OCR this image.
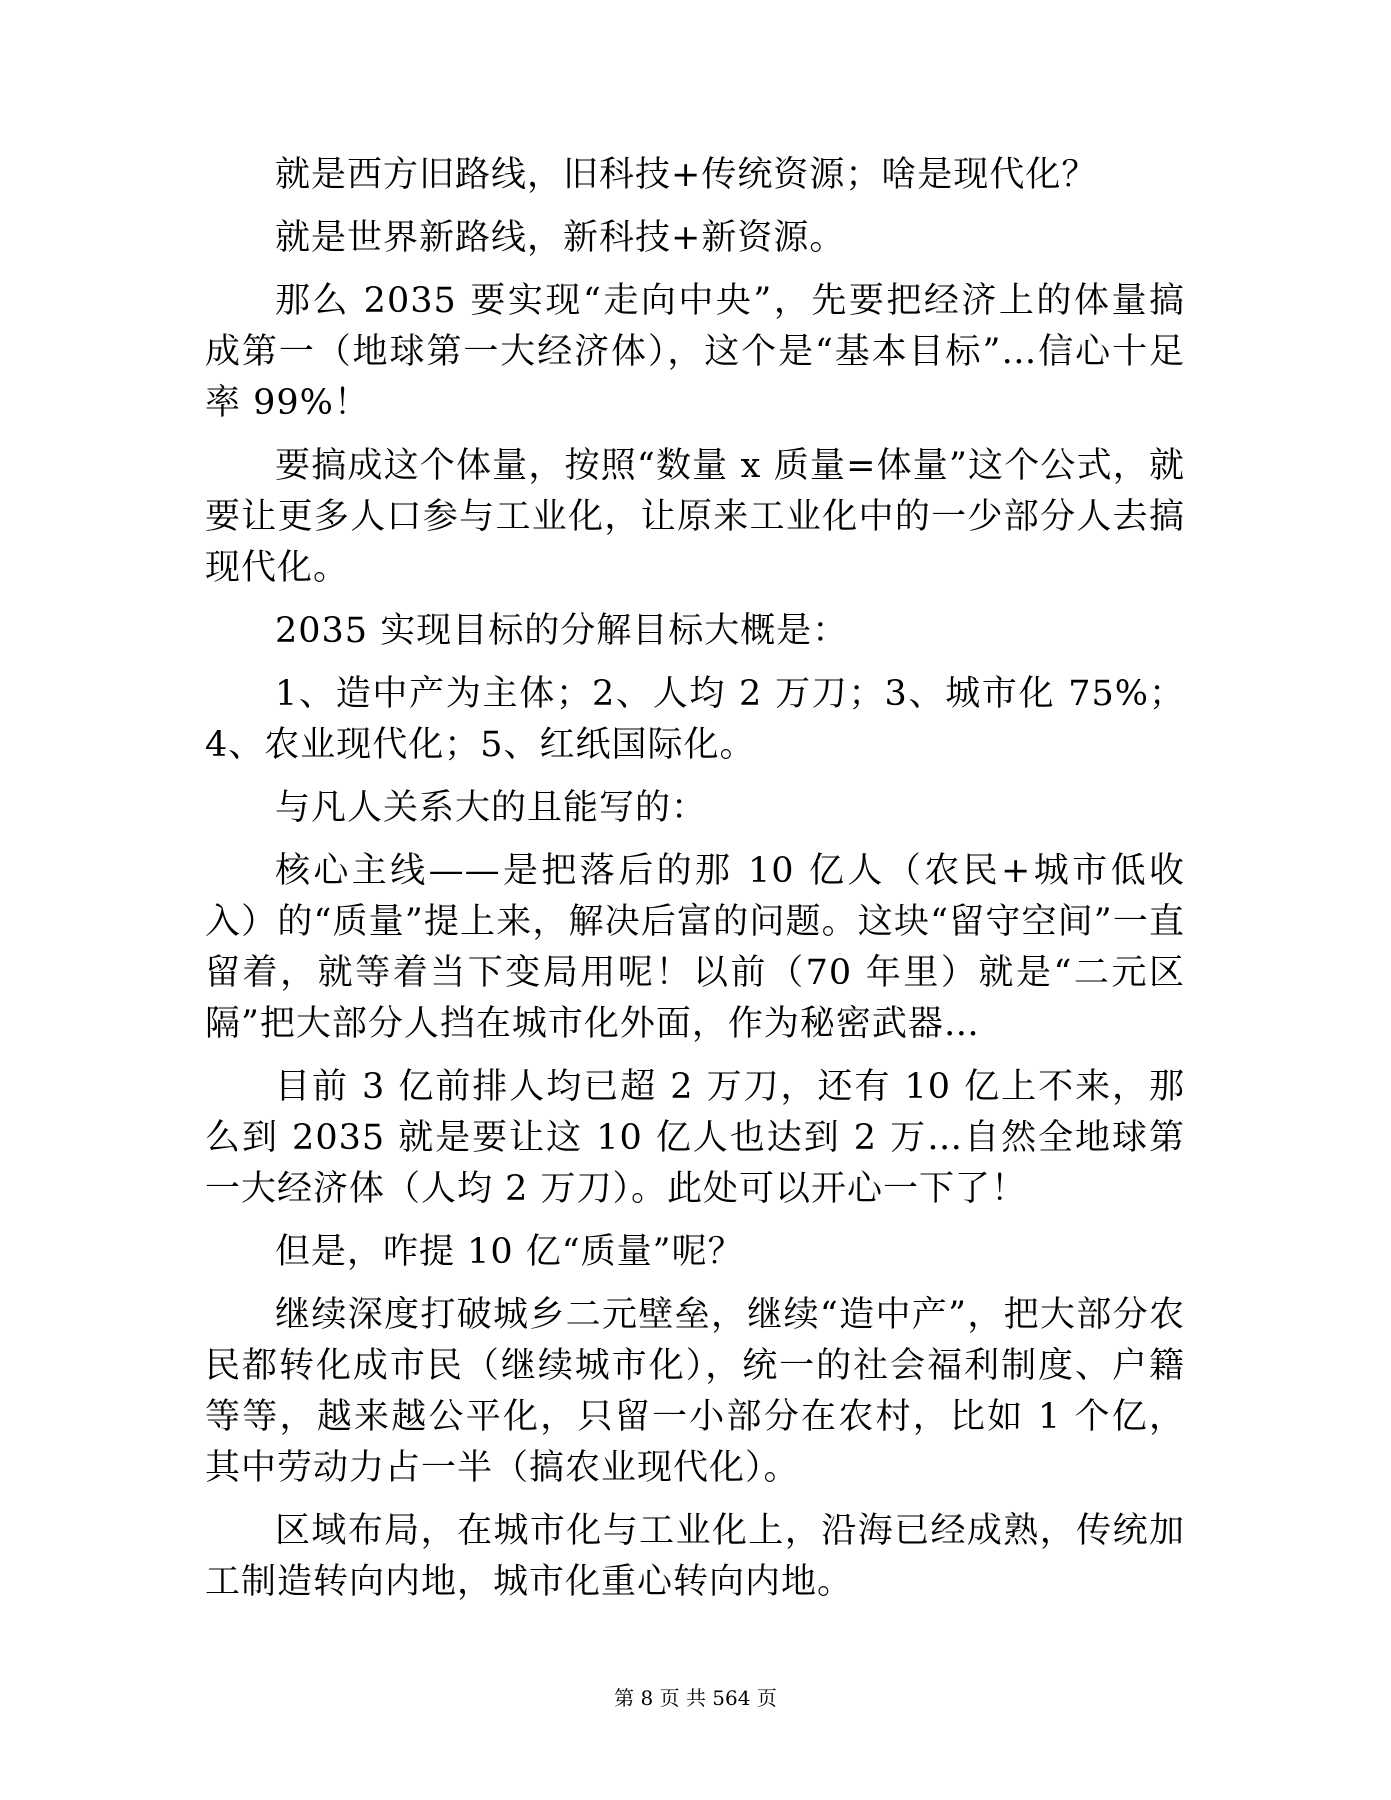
就是西方旧路线，旧科技+传统资源；啥是现代化？

就是世界新路线，新科技+新资源。

那么 2035 要实现“走向中央”，先要把经济上的体量搞成第一（地球第一大经济体），这个是“基本目标”…信心十足率 99%！

要搞成这个体量，按照“数量 x 质量=体量”这个公式，就要让更多人口参与工业化，让原来工业化中的一少部分人去搞现代化。

2035 实现目标的分解目标大概是：

1、造中产为主体；2、人均 2 万刀；3、城市化 75%；4、农业现代化；5、红纸国际化。

与凡人关系大的且能写的：

核心主线——是把落后的那 10 亿人（农民+城市低收入）的“质量”提上来，解决后富的问题。这块“留守空间”一直留着，就等着当下变局用呢！以前（70 年里）就是“二元区隔”把大部分人挡在城市化外面，作为秘密武器…

目前 3 亿前排人均已超 2 万刀，还有 10 亿上不来，那么到 2035 就是要让这 10 亿人也达到 2 万…自然全地球第一大经济体（人均 2 万刀）。此处可以开心一下了！

但是，咋提 10 亿“质量”呢？

继续深度打破城乡二元壁垒，继续“造中产”，把大部分农民都转化成市民（继续城市化），统一的社会福利制度、户籍等等，越来越公平化，只留一小部分在农村，比如 1 个亿，其中劳动力占一半（搞农业现代化）。

区域布局，在城市化与工业化上，沿海已经成熟，传统加工制造转向内地，城市化重心转向内地。

第 8 页 共 564 页
